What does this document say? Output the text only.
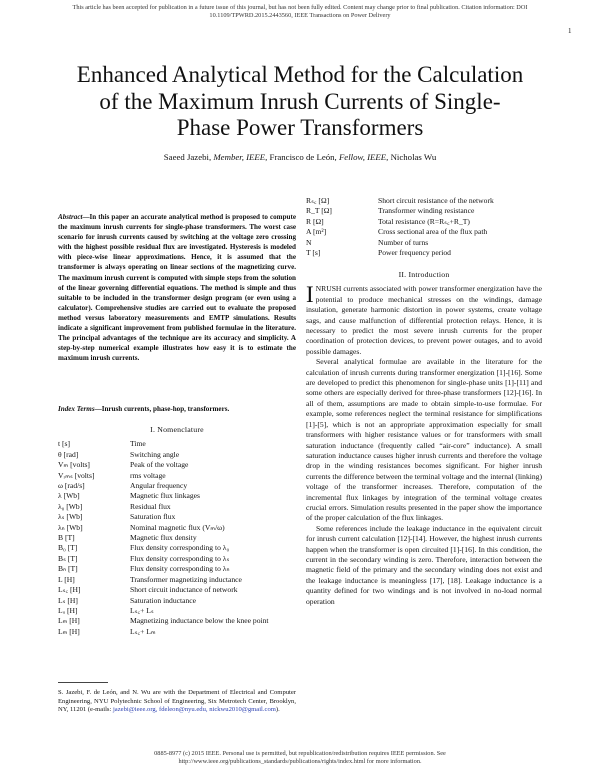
This article has been accepted for publication in a future issue of this journal, but has not been fully edited. Content may change prior to final publication. Citation information: DOI
10.1109/TPWRD.2015.2443560, IEEE Transactions on Power Delivery
1
Enhanced Analytical Method for the Calculation
of the Maximum Inrush Currents of Single-
Phase Power Transformers
Saeed Jazebi, Member, IEEE, Francisco de León, Fellow, IEEE, Nicholas Wu
Abstract—In this paper an accurate analytical method is proposed to compute the maximum inrush currents for single-phase transformers. The worst case scenario for inrush currents caused by switching at the voltage zero crossing with the highest possible residual flux are investigated. Hysteresis is modeled with piece-wise linear approximations. Hence, it is assumed that the transformer is always operating on linear sections of the magnetizing curve. The maximum inrush current is computed with simple steps from the solution of the linear governing differential equations. The method is simple and thus suitable to be included in the transformer design program (or even using a calculator). Comprehensive studies are carried out to evaluate the proposed method versus laboratory measurements and EMTP simulations. Results indicate a significant improvement from published formulae in the literature. The principal advantages of the technique are its accuracy and simplicity. A step-by-step numerical example illustrates how easy it is to estimate the maximum inrush currents.
Index Terms—Inrush currents, phase-hop, transformers.
I. Nomenclature
t [s]	Time
θ [rad]	Switching angle
Vₘ [volts]	Peak of the voltage
Vᵣₘₛ [volts]	rms voltage
ω [rad/s]	Angular frequency
λ [Wb]	Magnetic flux linkages
λ₀ [Wb]	Residual flux
λₛ [Wb]	Saturation flux
λₙ [Wb]	Nominal magnetic flux (Vₘ/ω)
B [T]	Magnetic flux density
B₀ [T]	Flux density corresponding to λ₀
Bₛ [T]	Flux density corresponding to λₛ
Bₙ [T]	Flux density corresponding to λₙ
L [H]	Transformer magnetizing inductance
Lₛ꜀ [H]	Short circuit inductance of network
Lₛ [H]	Saturation inductance
Lᵤ [H]	Lₛ꜀+ Lₛ
Lₘ [H]	Magnetizing inductance below the knee point
Lₘ [H]	Lₛ꜀+ Lₘ
S. Jazebi, F. de León, and N. Wu are with the Department of Electrical and Computer Engineering, NYU Polytechnic School of Engineering, Six Metrotech Center, Brooklyn, NY, 11201 (e-mails: jazebi@ieee.org, fdeleon@nyu.edu, nickwu2010@gmail.com).
Rₛ꜀ [Ω]	Short circuit resistance of the network
R_T [Ω]	Transformer winding resistance
R [Ω]	Total resistance (R=Rₛ꜀+R_T)
A [m²]	Cross sectional area of the flux path
N	Number of turns
T [s]	Power frequency period
II. Introduction

INRUSH currents associated with power transformer energization have the potential to produce mechanical stresses on the windings, damage insulation, generate harmonic distortion in power systems, create voltage sags, and cause malfunction of differential protection relays. Hence, it is necessary to predict the most severe inrush currents for the proper coordination of protection devices, to prevent power outages, and to avoid possible damages.

Several analytical formulae are available in the literature for the calculation of inrush currents during transformer energization [1]-[16]. Some are developed to predict this phenomenon for single-phase units [1]-[11] and some others are especially derived for three-phase transformers [12]-[16]. In all of them, assumptions are made to obtain simple-to-use formulae. For example, some references neglect the terminal resistance for simplifications [1]-[5], which is not an appropriate approximation especially for small transformers with higher resistance values or for transformers with small saturation inductance (frequently called “air-core” inductance). A small saturation inductance causes higher inrush currents and therefore the voltage drop in the winding resistances becomes significant. For higher inrush currents the difference between the terminal voltage and the internal (linking) voltage of the transformer increases. Therefore, computation of the incremental flux linkages by integration of the terminal voltage creates crucial errors. Simulation results presented in the paper show the importance of the proper calculation of the flux linkages.

Some references include the leakage inductance in the equivalent circuit for inrush current calculation [12]-[14]. However, the highest inrush currents happen when the transformer is open circuited [1]-[16]. In this condition, the current in the secondary winding is zero. Therefore, interaction between the magnetic field of the primary and the secondary winding does not exist and the leakage inductance is meaningless [17], [18]. Leakage inductance is a quantity defined for two windings and is not involved in no-load normal operation

0885-8977 (c) 2015 IEEE. Personal use is permitted, but republication/redistribution requires IEEE permission. See
http://www.ieee.org/publications_standards/publications/rights/index.html for more information.
